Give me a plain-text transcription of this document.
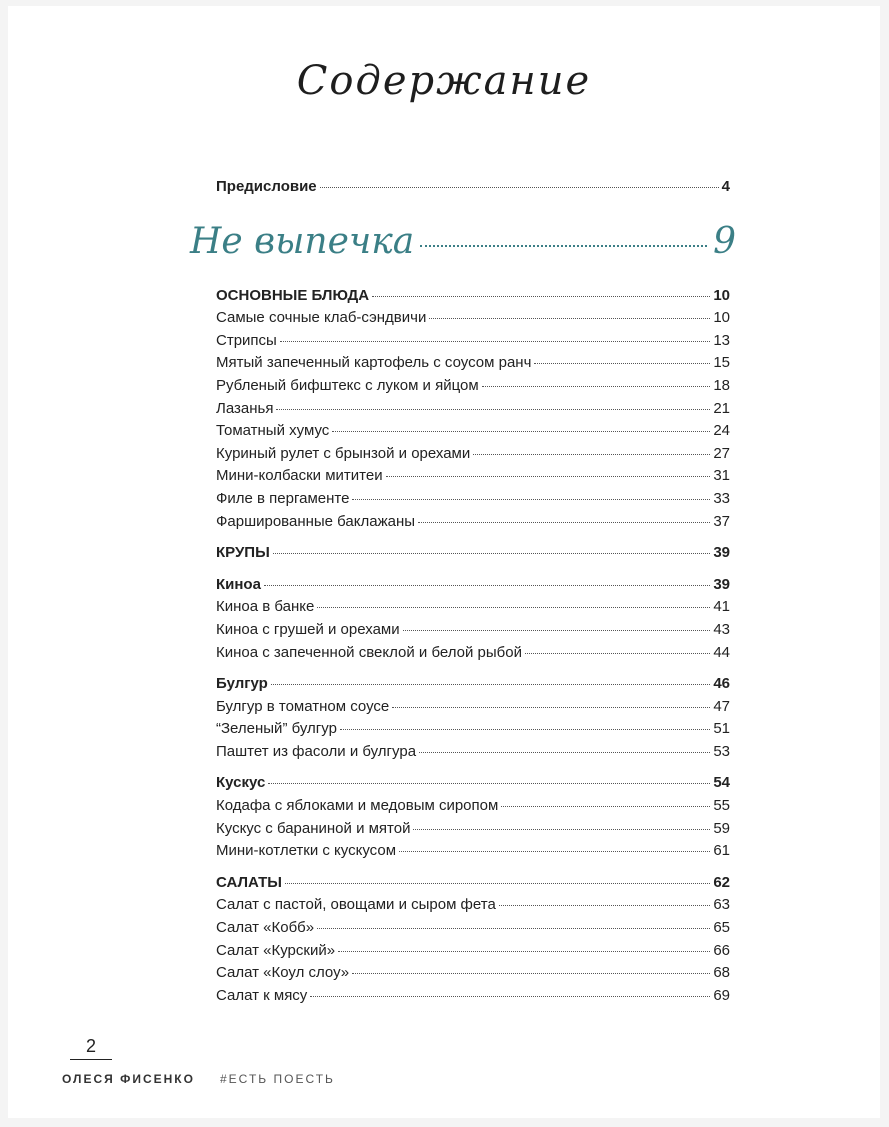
Содержание
Предисловие	4
Не выпечка	9
ОСНОВНЫЕ БЛЮДА	10
Самые сочные клаб-сэндвичи	10
Стрипсы	13
Мятый запеченный картофель с соусом ранч	15
Рубленый бифштекс с луком и яйцом	18
Лазанья	21
Томатный хумус	24
Куриный рулет с брынзой и орехами	27
Мини-колбаски мититеи	31
Филе в пергаменте	33
Фаршированные баклажаны	37
КРУПЫ	39
Киноа	39
Киноа в банке	41
Киноа с грушей и орехами	43
Киноа с запеченной свеклой и белой рыбой	44
Булгур	46
Булгур в томатном соусе	47
“Зеленый” булгур	51
Паштет из фасоли и булгура	53
Кускус	54
Кодафа с яблоками и медовым сиропом	55
Кускус с бараниной и мятой	59
Мини-котлетки с кускусом	61
САЛАТЫ	62
Салат с пастой, овощами и сыром фета	63
Салат «Кобб»	65
Салат «Курский»	66
Салат «Коул слоу»	68
Салат к мясу	69
2
ОЛЕСЯ ФИСЕНКО #ЕСТЬ ПОЕСТЬ
